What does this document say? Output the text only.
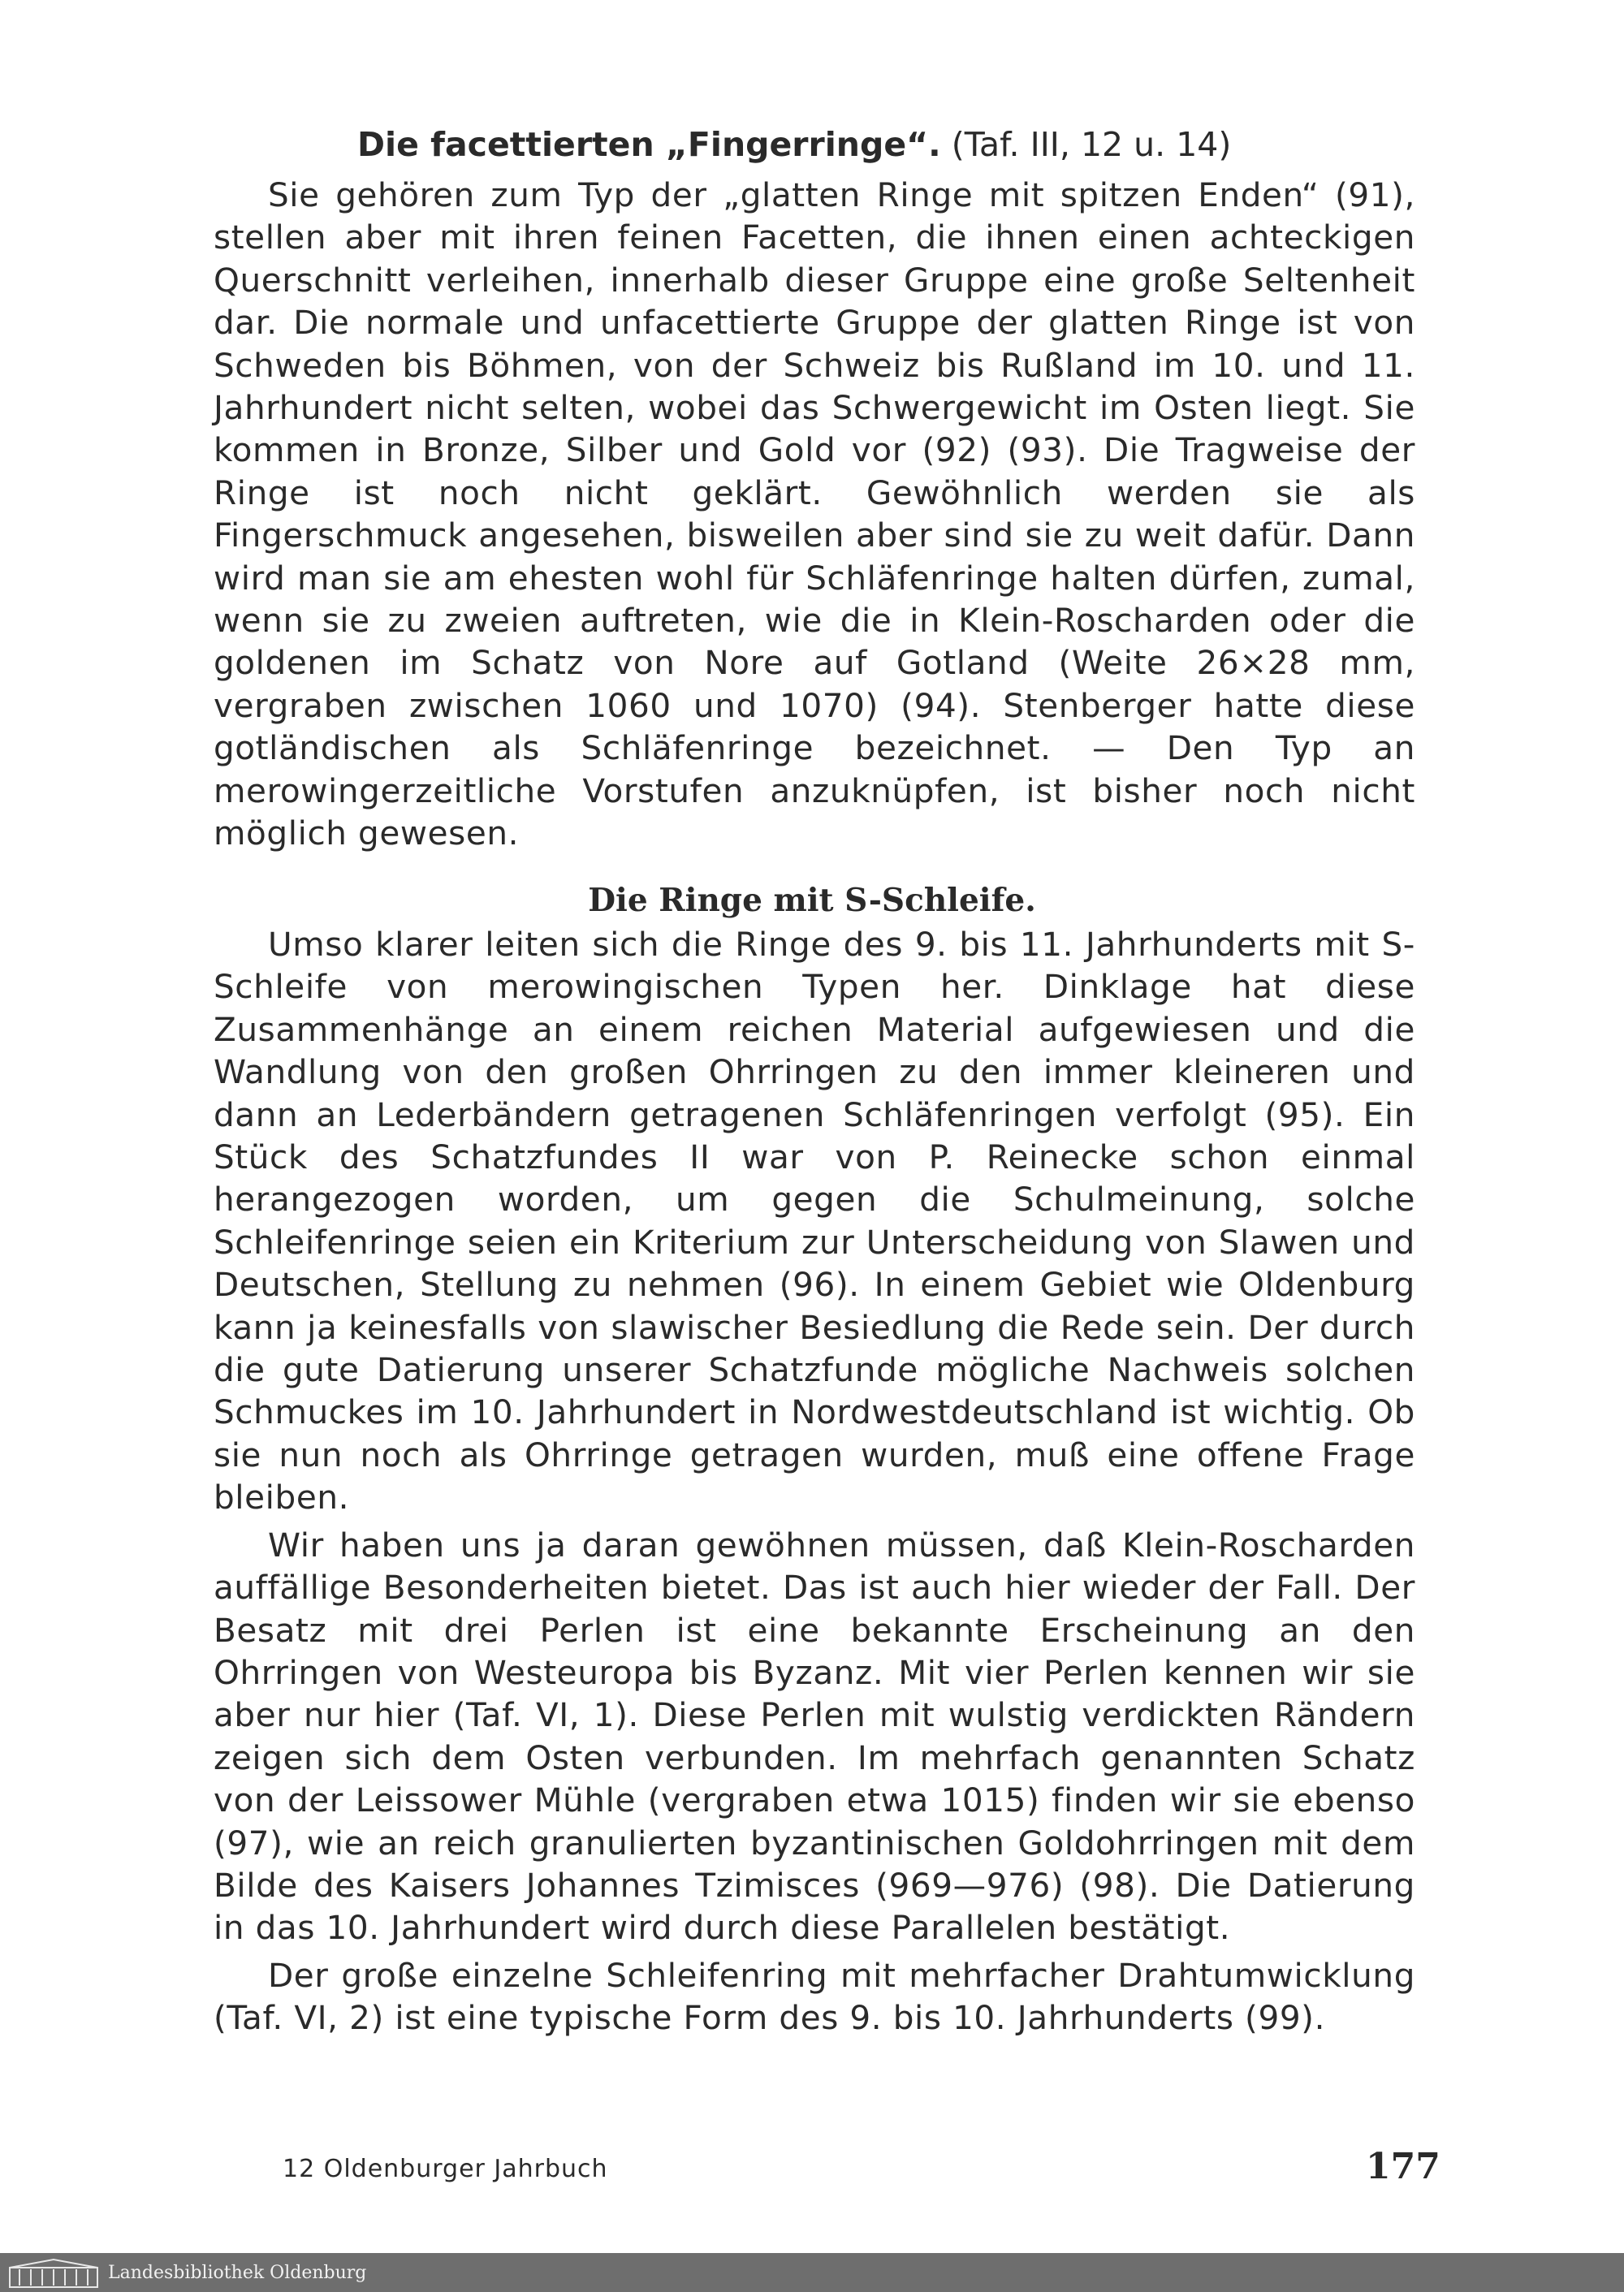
Die facettierten „Fingerringe“. (Taf. III, 12 u. 14)

Sie gehören zum Typ der „glatten Ringe mit spitzen Enden“ (91), stellen aber mit ihren feinen Facetten, die ihnen einen achteckigen Querschnitt verleihen, innerhalb dieser Gruppe eine große Seltenheit dar. Die normale und unfacettierte Gruppe der glatten Ringe ist von Schweden bis Böhmen, von der Schweiz bis Rußland im 10. und 11. Jahrhundert nicht selten, wobei das Schwergewicht im Osten liegt. Sie kommen in Bronze, Silber und Gold vor (92) (93). Die Tragweise der Ringe ist noch nicht geklärt. Gewöhnlich werden sie als Fingerschmuck angesehen, bisweilen aber sind sie zu weit dafür. Dann wird man sie am ehesten wohl für Schläfenringe halten dürfen, zumal, wenn sie zu zweien auftreten, wie die in Klein-Roscharden oder die goldenen im Schatz von Nore auf Gotland (Weite 26×28 mm, vergraben zwischen 1060 und 1070) (94). Stenberger hatte diese gotländischen als Schläfenringe bezeichnet. — Den Typ an merowingerzeitliche Vorstufen anzuknüpfen, ist bisher noch nicht möglich gewesen.

Die Ringe mit S-Schleife.

Umso klarer leiten sich die Ringe des 9. bis 11. Jahrhunderts mit S-Schleife von merowingischen Typen her. Dinklage hat diese Zusammenhänge an einem reichen Material aufgewiesen und die Wandlung von den großen Ohrringen zu den immer kleineren und dann an Lederbändern getragenen Schläfenringen verfolgt (95). Ein Stück des Schatzfundes II war von P. Reinecke schon einmal herangezogen worden, um gegen die Schulmeinung, solche Schleifenringe seien ein Kriterium zur Unterscheidung von Slawen und Deutschen, Stellung zu nehmen (96). In einem Gebiet wie Oldenburg kann ja keinesfalls von slawischer Besiedlung die Rede sein. Der durch die gute Datierung unserer Schatzfunde mögliche Nachweis solchen Schmuckes im 10. Jahrhundert in Nordwestdeutschland ist wichtig. Ob sie nun noch als Ohrringe getragen wurden, muß eine offene Frage bleiben.

Wir haben uns ja daran gewöhnen müssen, daß Klein-Roscharden auffällige Besonderheiten bietet. Das ist auch hier wieder der Fall. Der Besatz mit drei Perlen ist eine bekannte Erscheinung an den Ohrringen von Westeuropa bis Byzanz. Mit vier Perlen kennen wir sie aber nur hier (Taf. VI, 1). Diese Perlen mit wulstig verdickten Rändern zeigen sich dem Osten verbunden. Im mehrfach genannten Schatz von der Leissower Mühle (vergraben etwa 1015) finden wir sie ebenso (97), wie an reich granulierten byzantinischen Goldohrringen mit dem Bilde des Kaisers Johannes Tzimisces (969—976) (98). Die Datierung in das 10. Jahrhundert wird durch diese Parallelen bestätigt.

Der große einzelne Schleifenring mit mehrfacher Drahtumwicklung (Taf. VI, 2) ist eine typische Form des 9. bis 10. Jahrhunderts (99).

12 Oldenburger Jahrbuch	177
Landesbibliothek Oldenburg
